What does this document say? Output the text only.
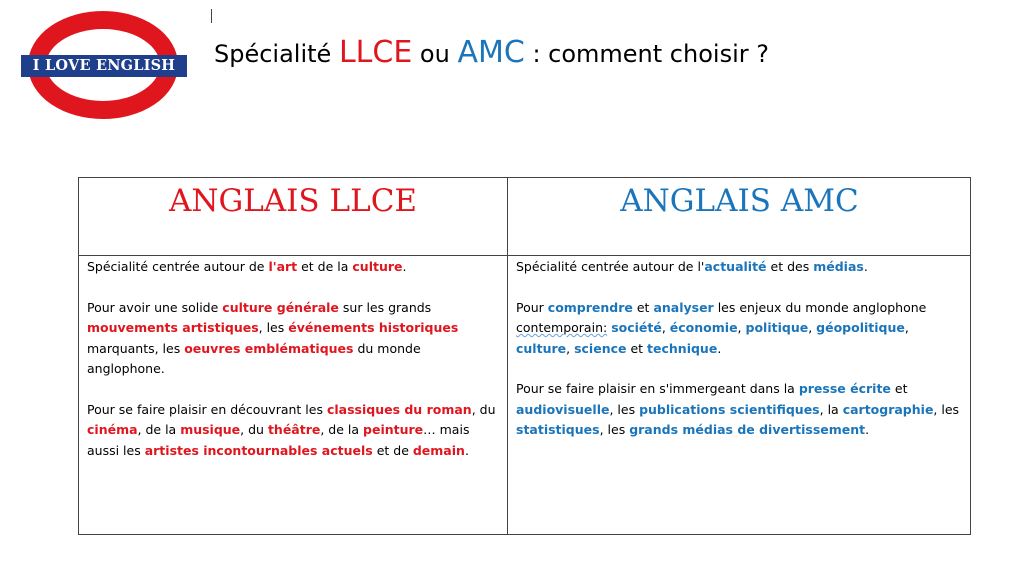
I LOVE ENGLISH	Spécialité LLCE ou AMC : comment choisir ?
ANGLAIS LLCE	ANGLAIS AMC

Spécialité centrée autour de l'art et de la culture.

Pour avoir une solide culture générale sur les grands mouvements artistiques, les événements historiques marquants, les oeuvres emblématiques du monde anglophone.

Pour se faire plaisir en découvrant les classiques du roman, du cinéma, de la musique, du théâtre, de la peinture… mais aussi les artistes incontournables actuels et de demain.

Spécialité centrée autour de l'actualité et des médias.

Pour comprendre et analyser les enjeux du monde anglophone contemporain: société, économie, politique, géopolitique, culture, science et technique.

Pour se faire plaisir en s'immergeant dans la presse écrite et audiovisuelle, les publications scientifiques, la cartographie, les statistiques, les grands médias de divertissement.
